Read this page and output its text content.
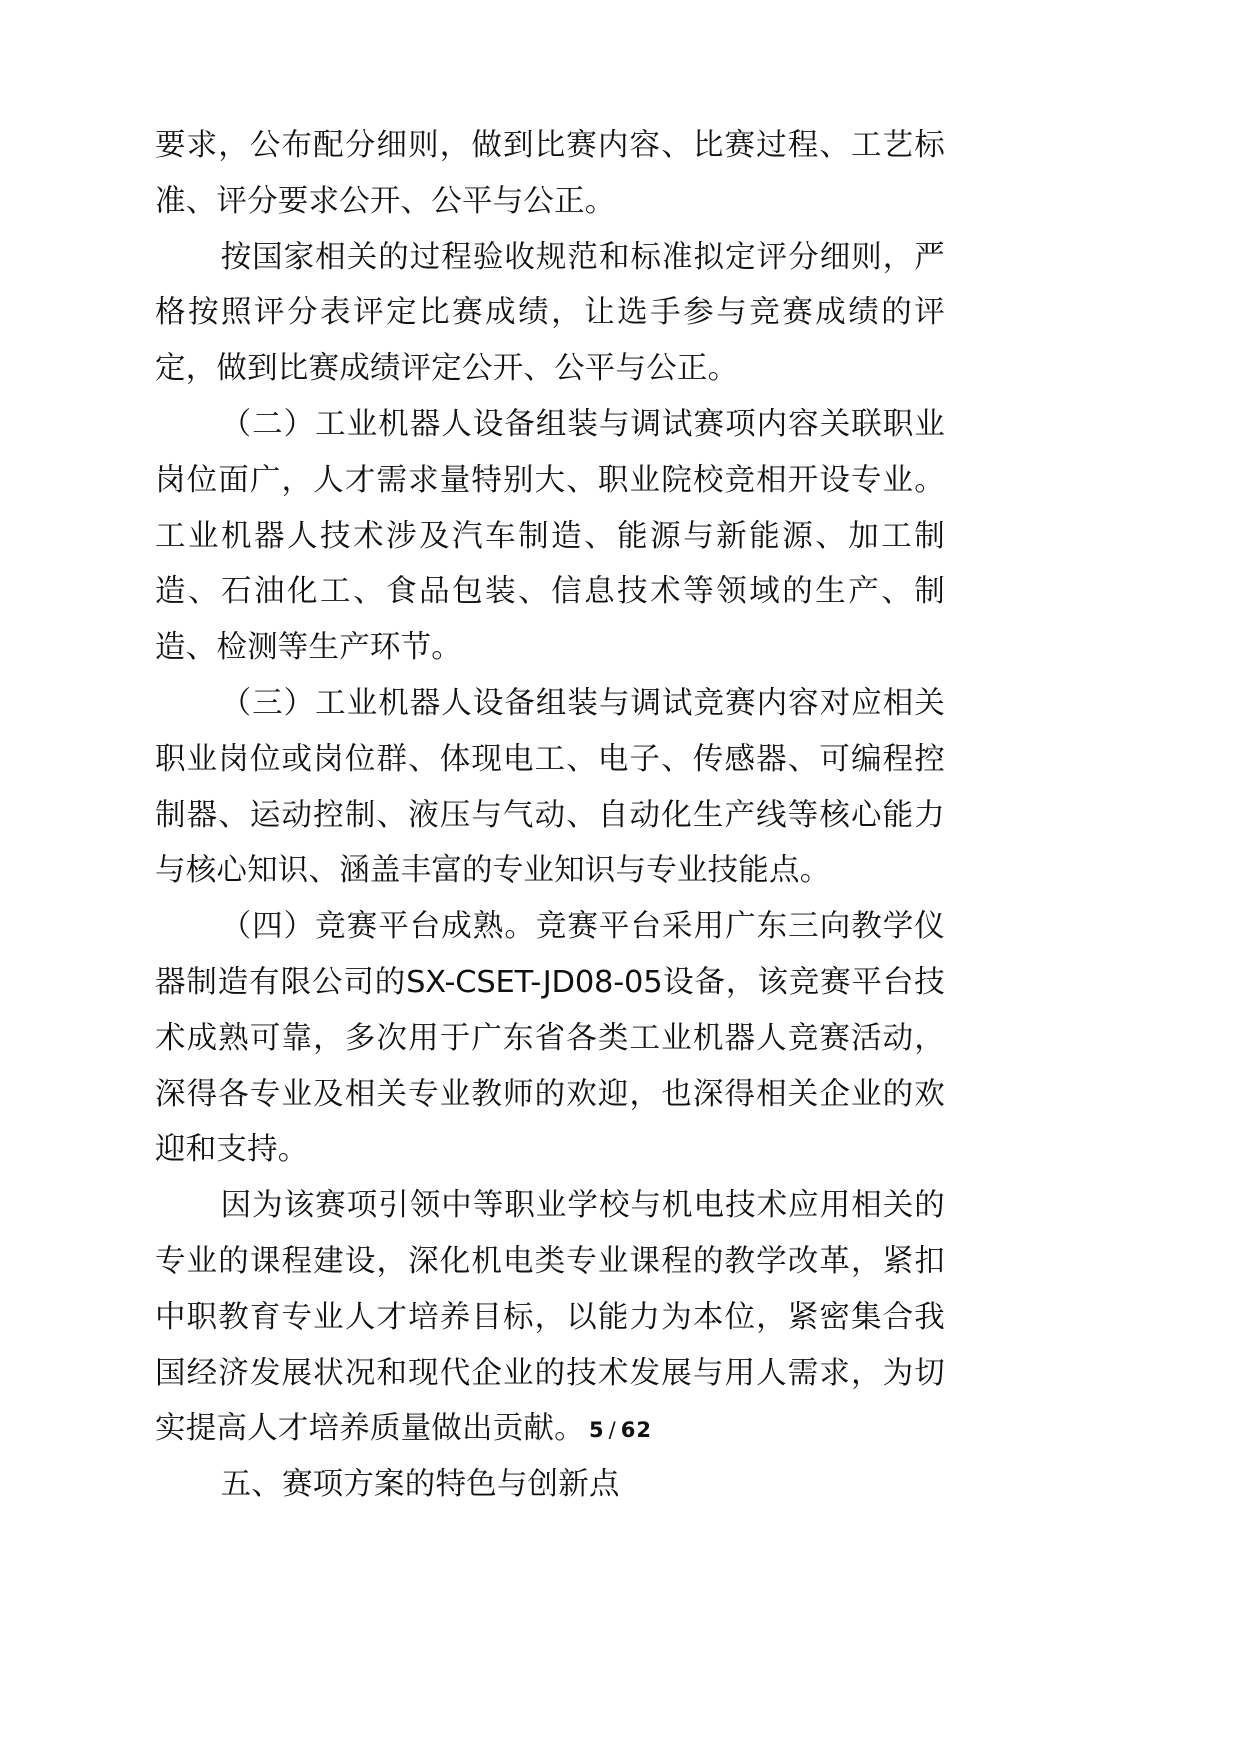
要求，公布配分细则，做到比赛内容、比赛过程、工艺标准、评分要求公开、公平与公正。

按国家相关的过程验收规范和标准拟定评分细则，严格按照评分表评定比赛成绩，让选手参与竞赛成绩的评定，做到比赛成绩评定公开、公平与公正。

（二）工业机器人设备组装与调试赛项内容关联职业岗位面广，人才需求量特别大、职业院校竞相开设专业。工业机器人技术涉及汽车制造、能源与新能源、加工制造、石油化工、食品包装、信息技术等领域的生产、制造、检测等生产环节。

（三）工业机器人设备组装与调试竞赛内容对应相关职业岗位或岗位群、体现电工、电子、传感器、可编程控制器、运动控制、液压与气动、自动化生产线等核心能力与核心知识、涵盖丰富的专业知识与专业技能点。

（四）竞赛平台成熟。竞赛平台采用广东三向教学仪器制造有限公司的SX-CSET-JD08-05设备，该竞赛平台技术成熟可靠，多次用于广东省各类工业机器人竞赛活动，深得各专业及相关专业教师的欢迎，也深得相关企业的欢迎和支持。

因为该赛项引领中等职业学校与机电技术应用相关的专业的课程建设，深化机电类专业课程的教学改革，紧扣中职教育专业人才培养目标，以能力为本位，紧密集合我国经济发展状况和现代企业的技术发展与用人需求，为切实提高人才培养质量做出贡献。

五、赛项方案的特色与创新点

5 / 62
